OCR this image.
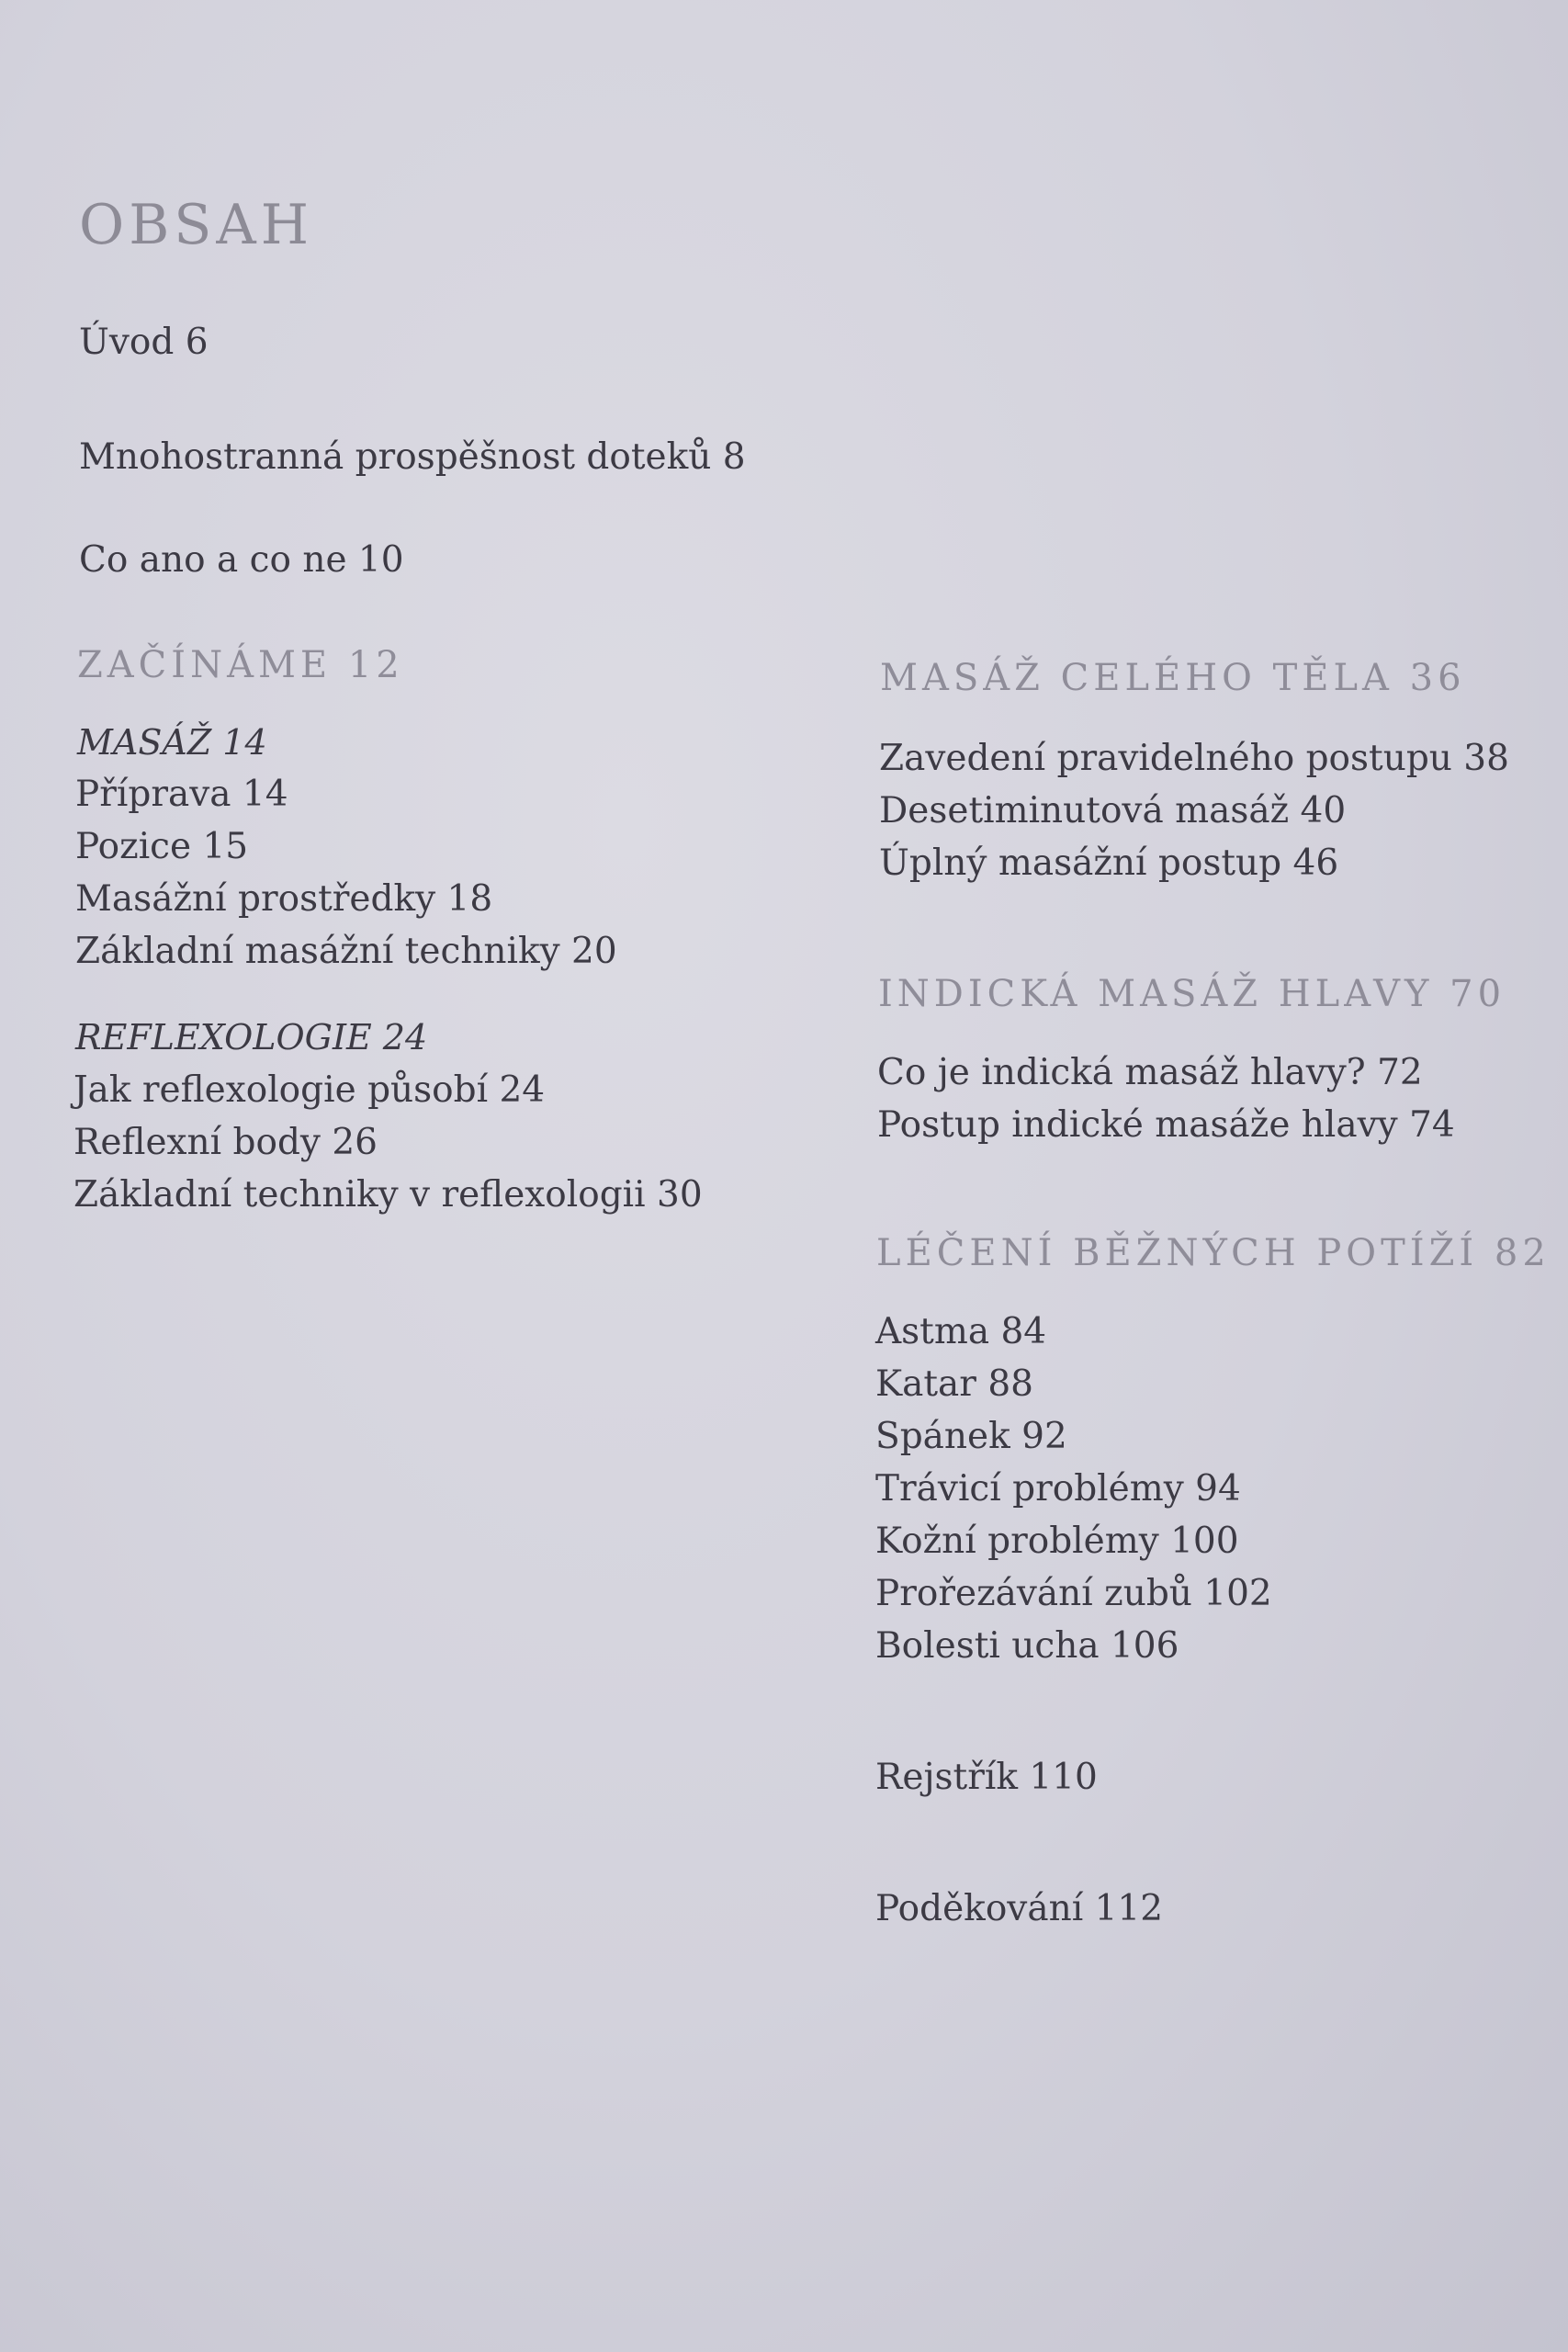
OBSAH
Úvod 6
Mnohostranná prospěšnost doteků 8
Co ano a co ne 10
ZAČÍNÁME 12
MASÁŽ 14
Příprava 14
Pozice 15
Masážní prostředky 18
Základní masážní techniky 20
REFLEXOLOGIE 24
Jak reflexologie působí 24
Reflexní body 26
Základní techniky v reflexologii 30
MASÁŽ CELÉHO TĚLA 36
Zavedení pravidelného postupu 38
Desetiminutová masáž 40
Úplný masážní postup 46
INDICKÁ MASÁŽ HLAVY 70
Co je indická masáž hlavy? 72
Postup indické masáže hlavy 74
LÉČENÍ BĚŽNÝCH POTÍŽÍ 82
Astma 84
Katar 88
Spánek 92
Trávicí problémy 94
Kožní problémy 100
Prořezávání zubů 102
Bolesti ucha 106
Rejstřík 110
Poděkování 112
